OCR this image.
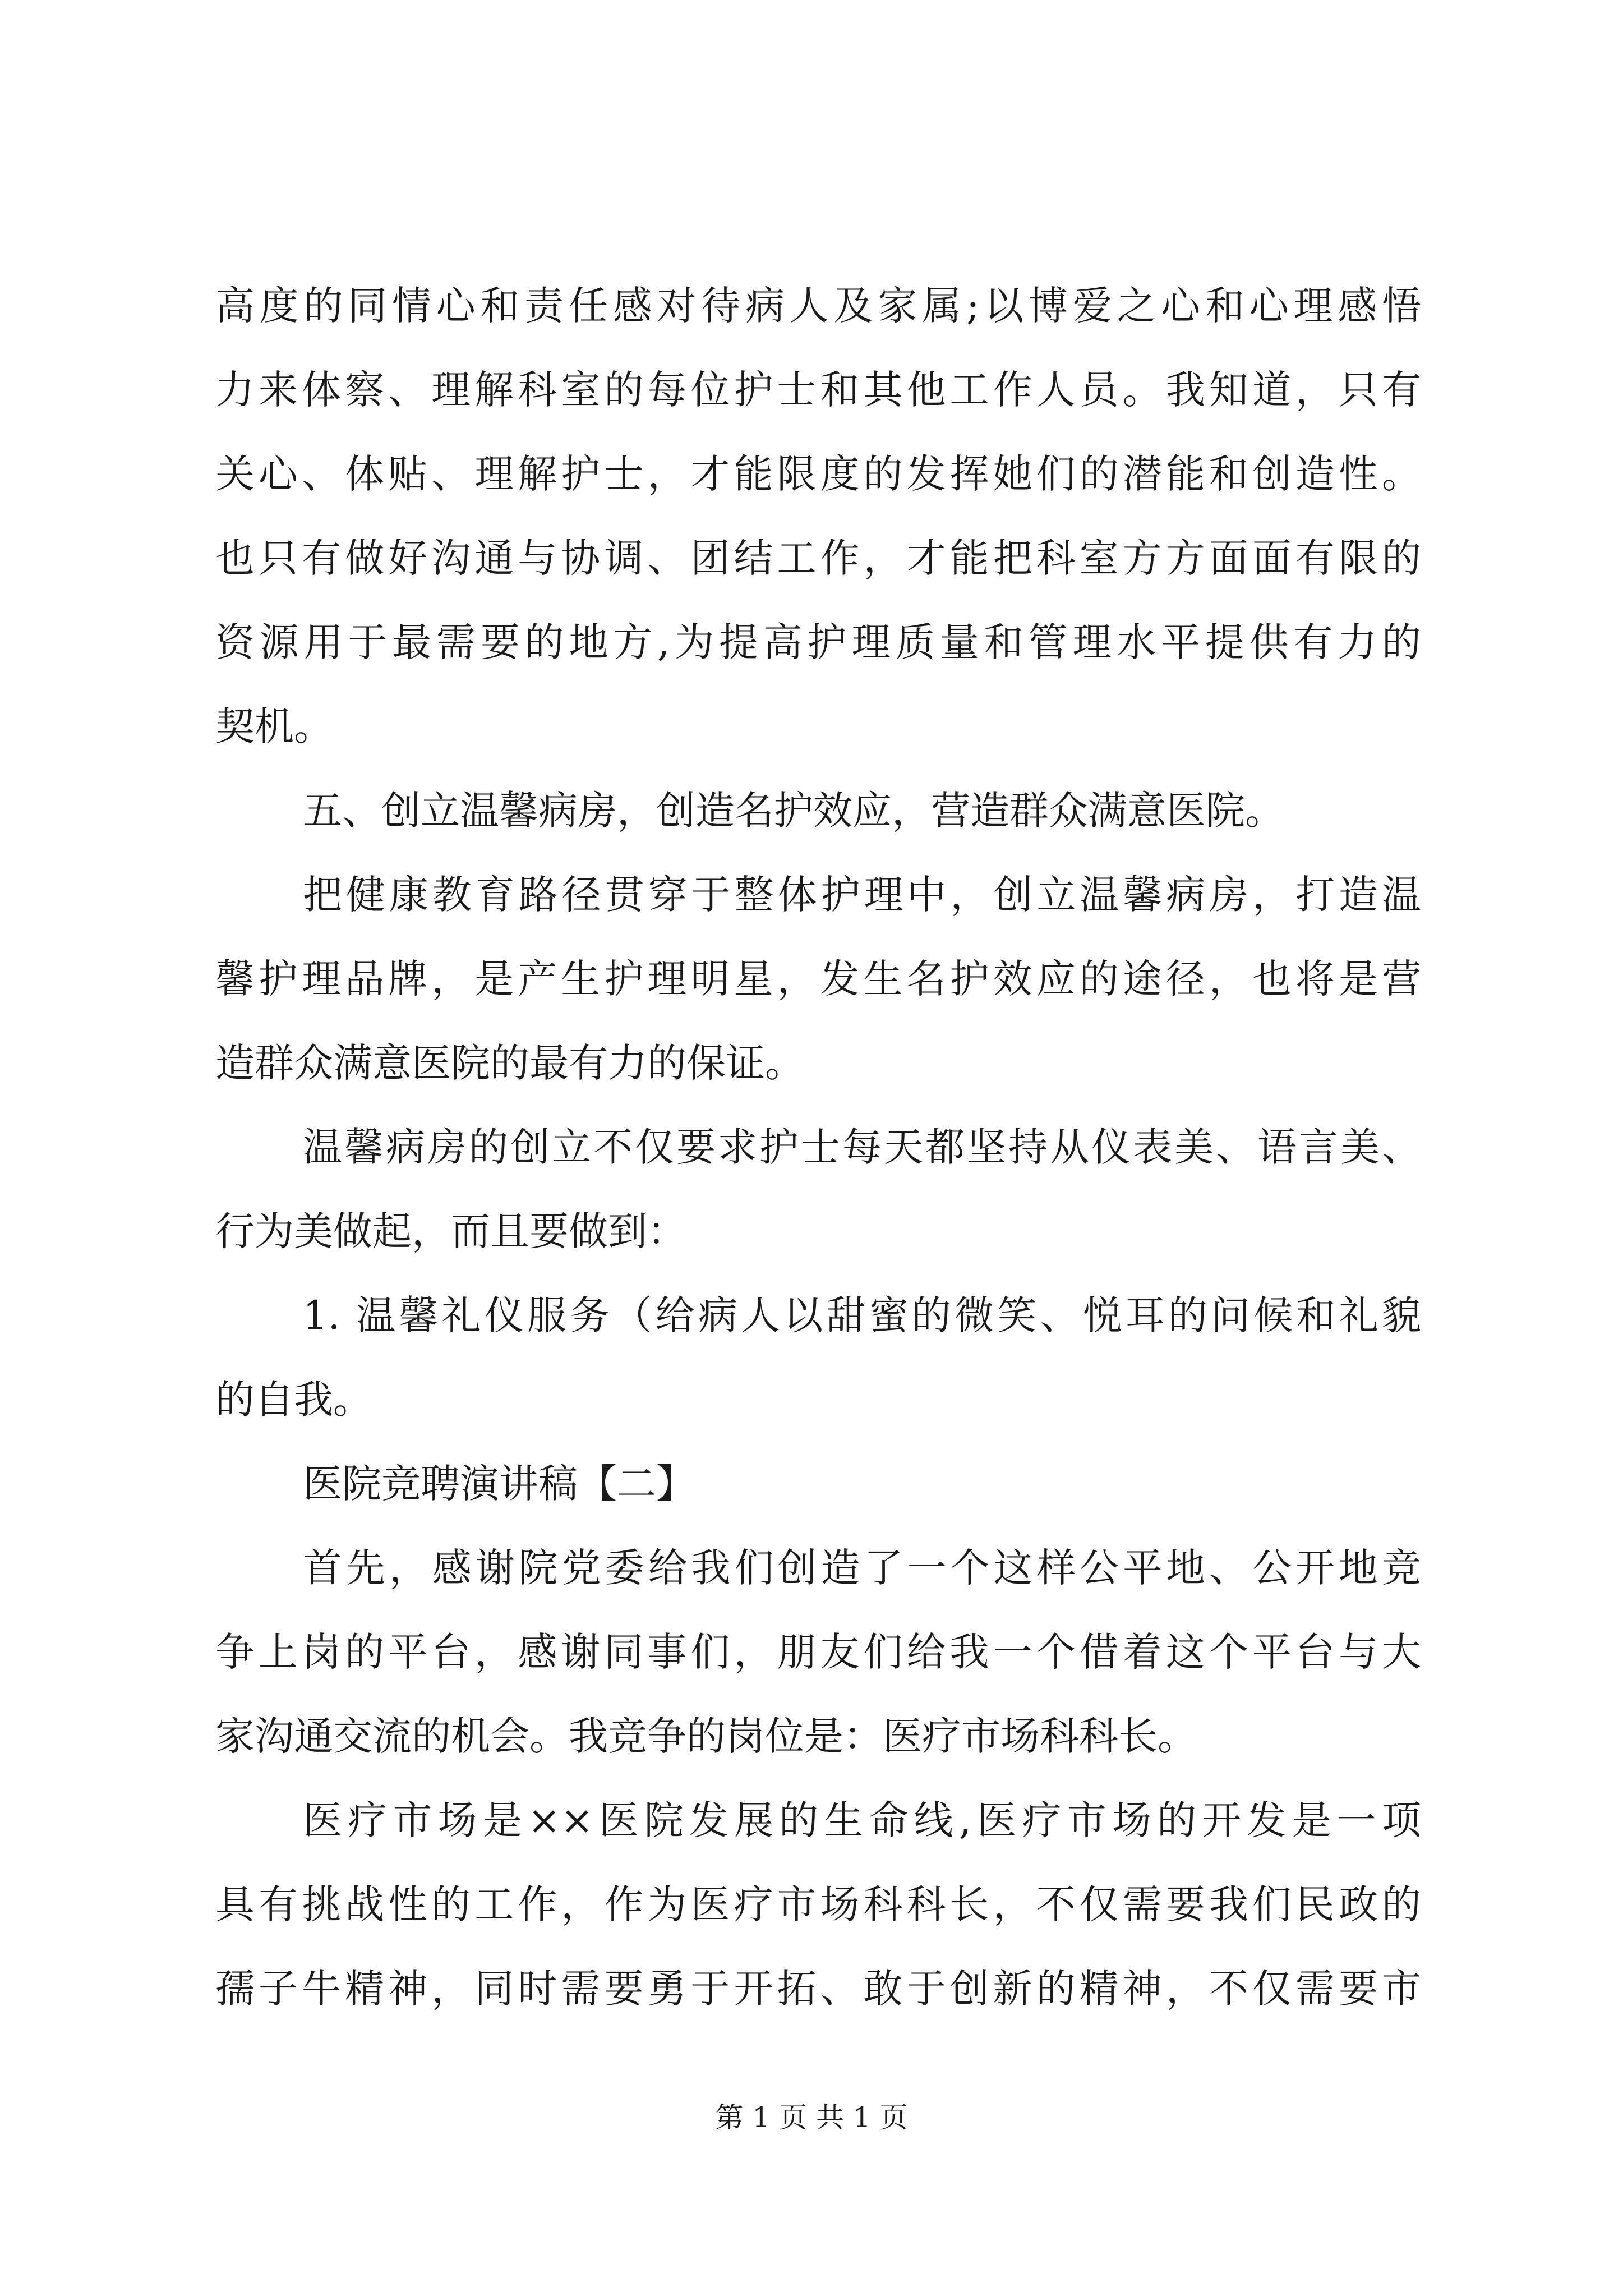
高度的同情心和责任感对待病人及家属;以博爱之心和心理感悟
力来体察、理解科室的每位护士和其他工作人员。我知道，只有
关心、体贴、理解护士，才能限度的发挥她们的潜能和创造性。
也只有做好沟通与协调、团结工作，才能把科室方方面面有限的
资源用于最需要的地方,为提高护理质量和管理水平提供有力的
契机。
五、创立温馨病房，创造名护效应，营造群众满意医院。
把健康教育路径贯穿于整体护理中，创立温馨病房，打造温
馨护理品牌，是产生护理明星，发生名护效应的途径，也将是营
造群众满意医院的最有力的保证。
温馨病房的创立不仅要求护士每天都坚持从仪表美、语言美、
行为美做起，而且要做到：
1. 温馨礼仪服务（给病人以甜蜜的微笑、悦耳的问候和礼貌
的自我。
医院竞聘演讲稿【二】
首先，感谢院党委给我们创造了一个这样公平地、公开地竞
争上岗的平台，感谢同事们，朋友们给我一个借着这个平台与大
家沟通交流的机会。我竞争的岗位是：医疗市场科科长。
医疗市场是××医院发展的生命线,医疗市场的开发是一项
具有挑战性的工作，作为医疗市场科科长，不仅需要我们民政的
孺子牛精神，同时需要勇于开拓、敢于创新的精神，不仅需要市
第 1 页 共 1 页
